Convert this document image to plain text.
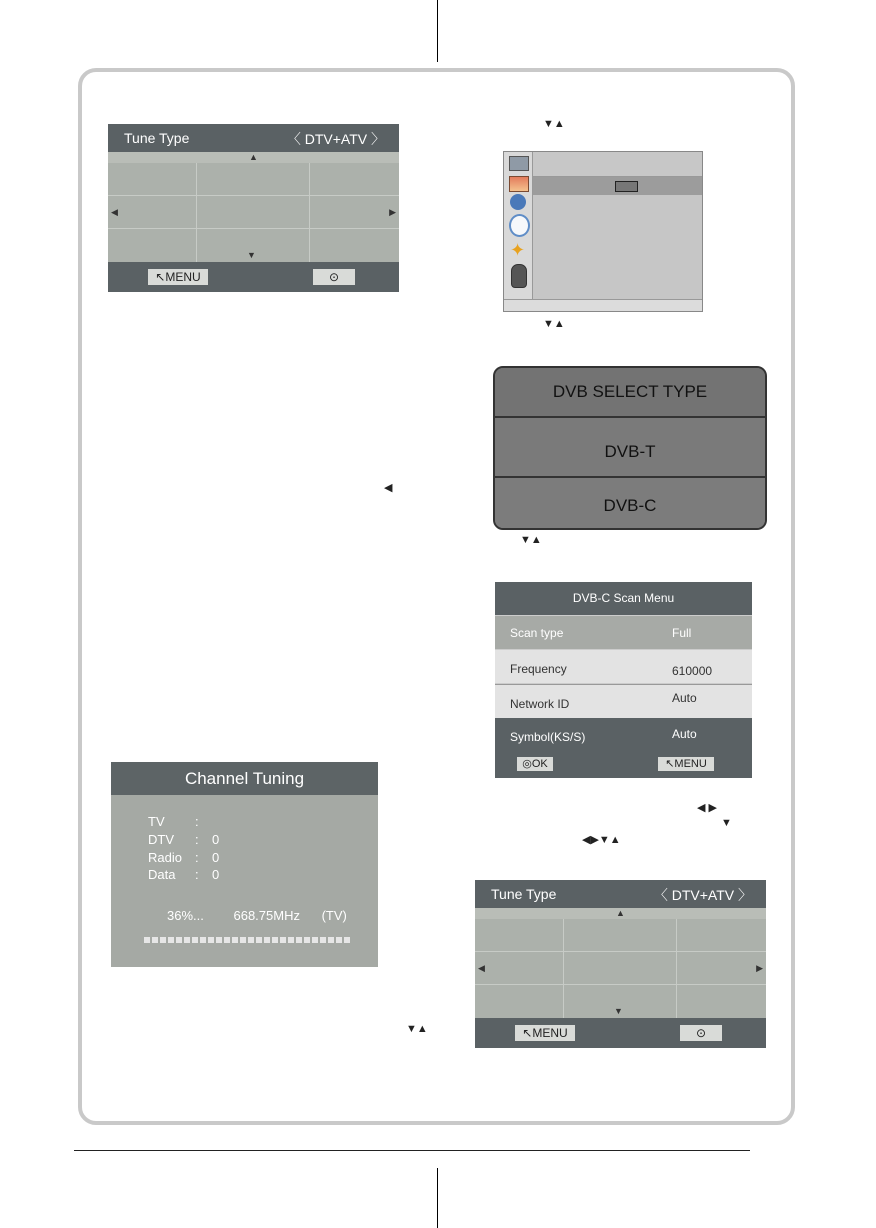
Tune Type	〈 DTV+ATV 〉
▲
◀	▶
▼
↖MENU	⊙
▼▲
▼▲
◀
▼▲
◀ ▶
▼
◀▶▼▲
▼▲
✦
DVB SELECT TYPE
DVB-T
DVB-C
DVB-C Scan Menu
Scan type	Full
Frequency	610000
Network ID	Auto
Symbol(KS/S)	Auto
◎OK	↖MENU
Channel Tuning
TV :
DTV : 0
Radio : 0
Data : 0
36%... 668.75MHz (TV)
Tune Type	〈 DTV+ATV 〉
▲
◀	▶
▼
↖MENU	⊙
